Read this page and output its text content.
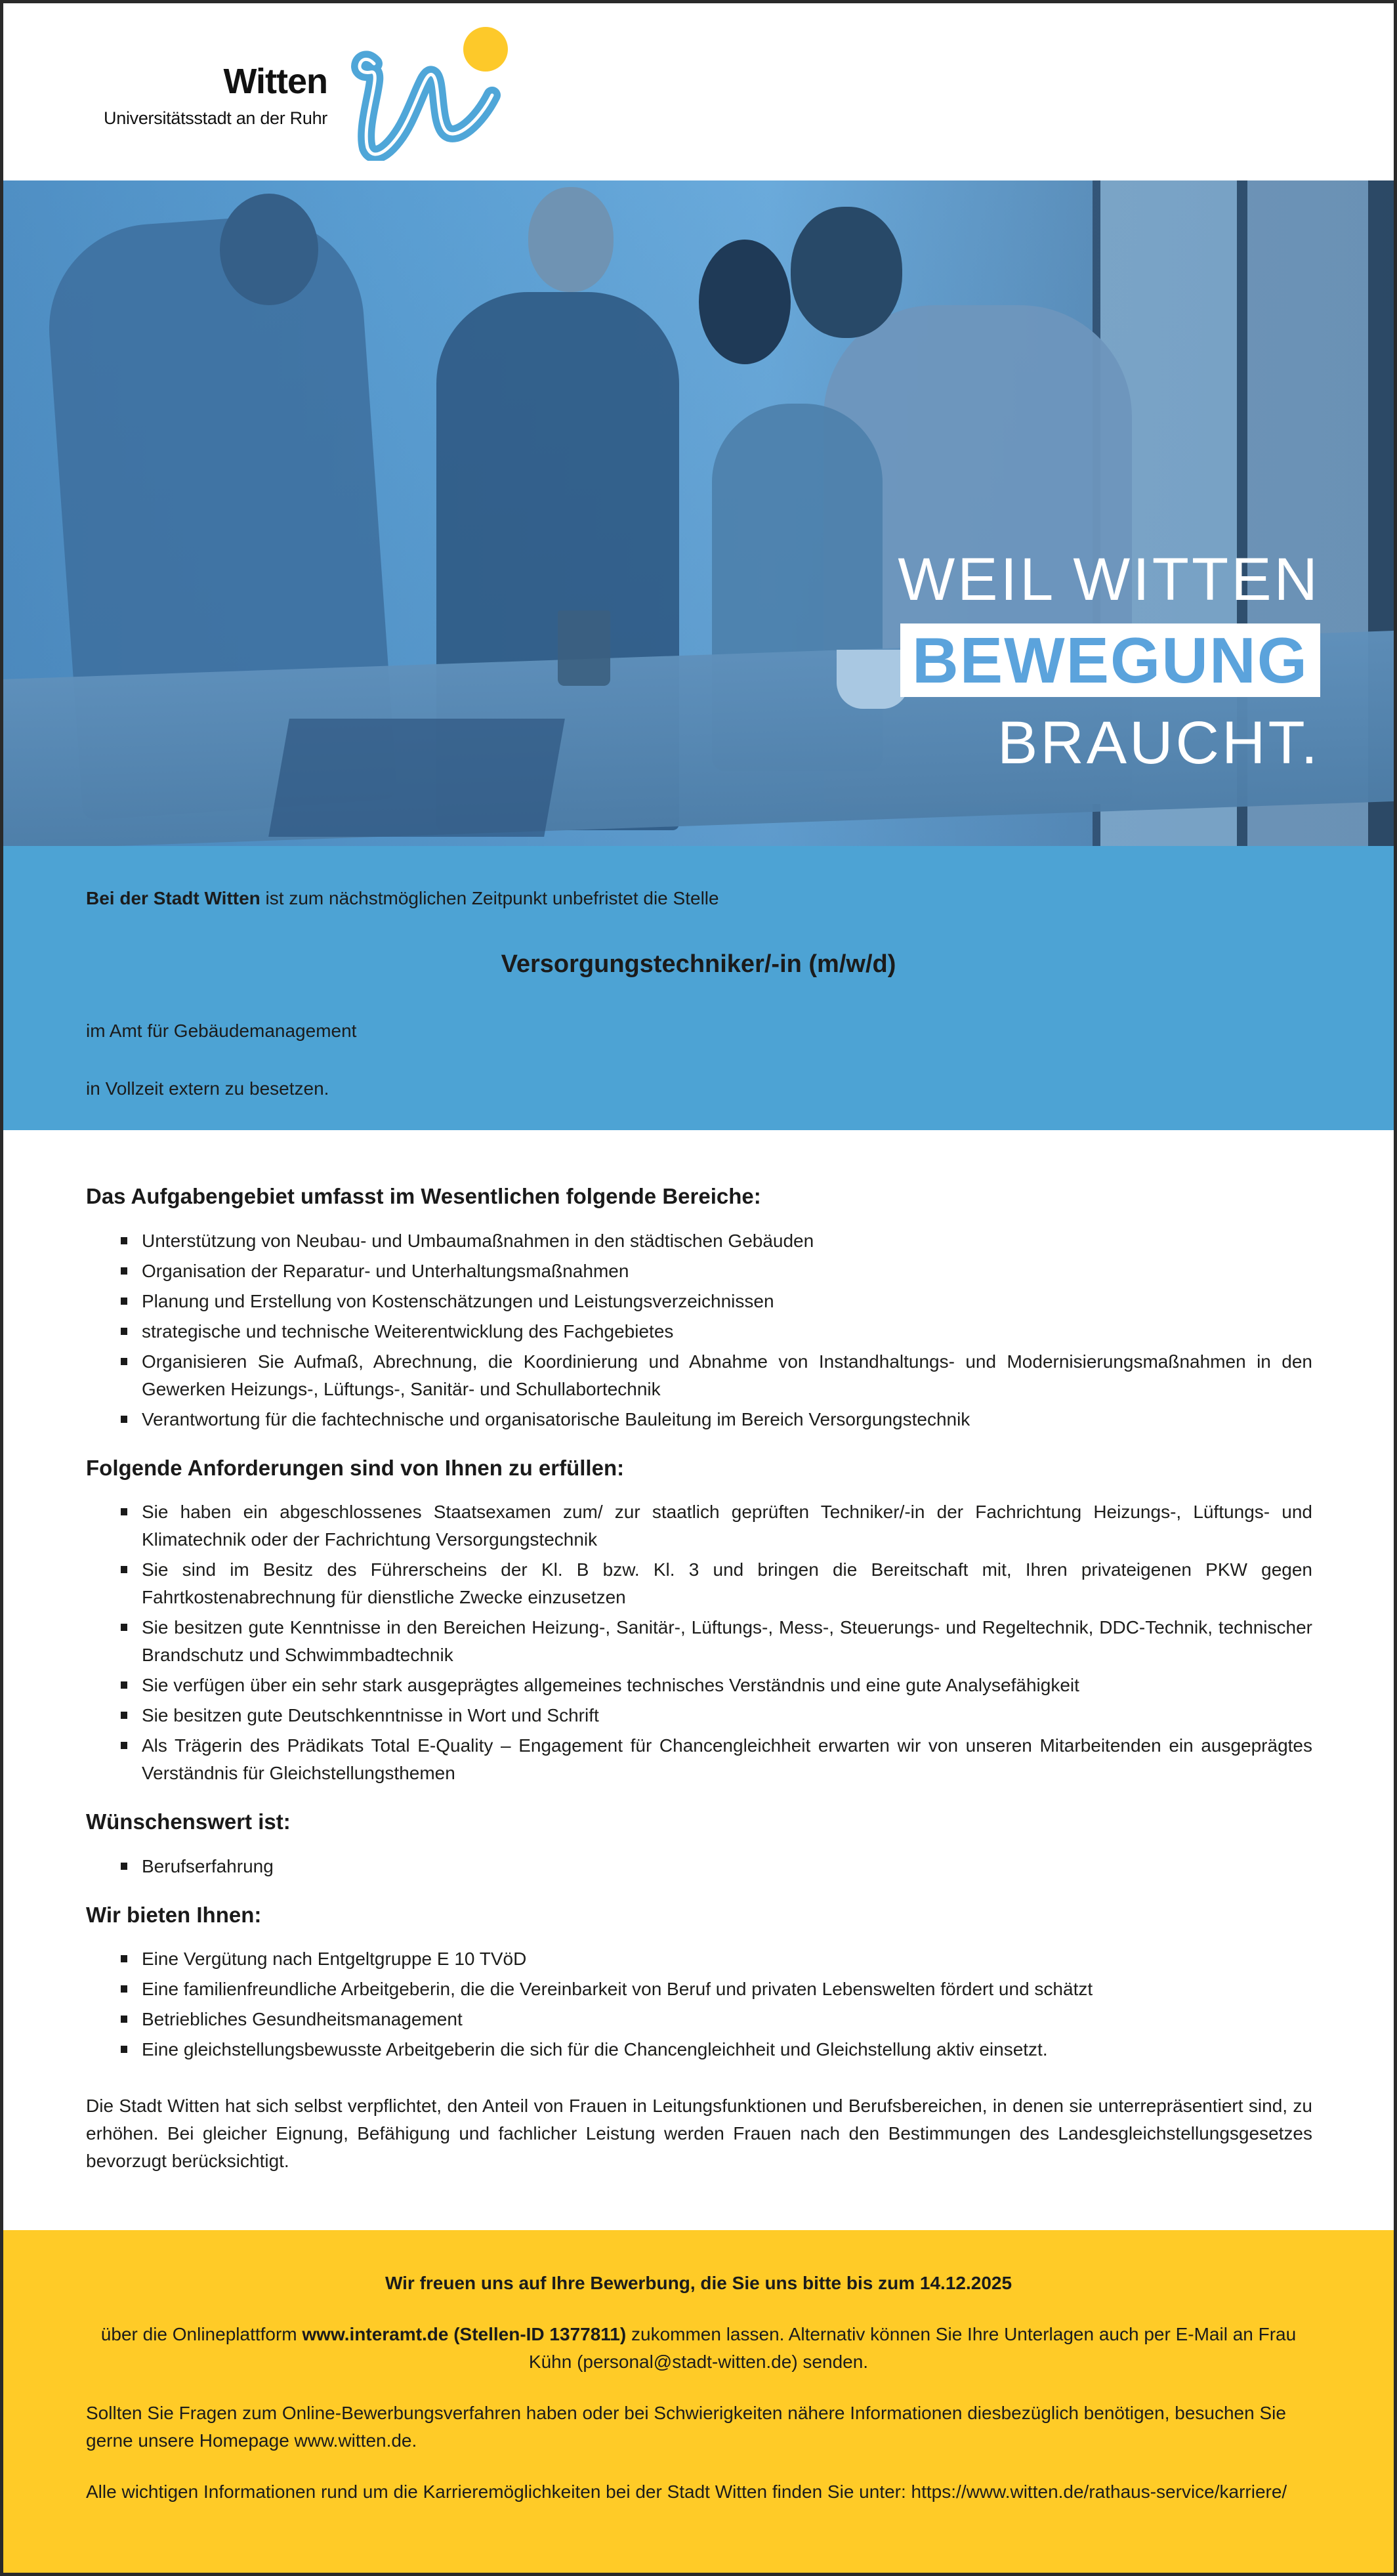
Witten
Universitätsstadt an der Ruhr
WEIL WITTEN
BEWEGUNG
BRAUCHT.

Bei der Stadt Witten ist zum nächstmöglichen Zeitpunkt unbefristet die Stelle

Versorgungstechniker/-in (m/w/d)

im Amt für Gebäudemanagement

in Vollzeit extern zu besetzen.

Das Aufgabengebiet umfasst im Wesentlichen folgende Bereiche:
Unterstützung von Neubau- und Umbaumaßnahmen in den städtischen Gebäuden
Organisation der Reparatur- und Unterhaltungsmaßnahmen
Planung und Erstellung von Kostenschätzungen und Leistungsverzeichnissen
strategische und technische Weiterentwicklung des Fachgebietes
Organisieren Sie Aufmaß, Abrechnung, die Koordinierung und Abnahme von Instandhaltungs- und Modernisierungsmaßnahmen in den Gewerken Heizungs-, Lüftungs-, Sanitär- und Schullabortechnik
Verantwortung für die fachtechnische und organisatorische Bauleitung im Bereich Versorgungstechnik
Folgende Anforderungen sind von Ihnen zu erfüllen:
Sie haben ein abgeschlossenes Staatsexamen zum/ zur staatlich geprüften Techniker/-in der Fachrichtung Heizungs-, Lüftungs- und Klimatechnik oder der Fachrichtung Versorgungstechnik
Sie sind im Besitz des Führerscheins der Kl. B bzw. Kl. 3 und bringen die Bereitschaft mit, Ihren privateigenen PKW gegen Fahrtkostenabrechnung für dienstliche Zwecke einzusetzen
Sie besitzen gute Kenntnisse in den Bereichen Heizung-, Sanitär-, Lüftungs-, Mess-, Steuerungs- und Regeltechnik, DDC-Technik, technischer Brandschutz und Schwimmbadtechnik
Sie verfügen über ein sehr stark ausgeprägtes allgemeines technisches Verständnis und eine gute Analysefähigkeit
Sie besitzen gute Deutschkenntnisse in Wort und Schrift
Als Trägerin des Prädikats Total E-Quality – Engagement für Chancengleichheit erwarten wir von unseren Mitarbeitenden ein ausgeprägtes Verständnis für Gleichstellungsthemen
Wünschenswert ist:
Berufserfahrung
Wir bieten Ihnen:
Eine Vergütung nach Entgeltgruppe E 10 TVöD
Eine familienfreundliche Arbeitgeberin, die die Vereinbarkeit von Beruf und privaten Lebenswelten fördert und schätzt
Betriebliches Gesundheitsmanagement
Eine gleichstellungsbewusste Arbeitgeberin die sich für die Chancengleichheit und Gleichstellung aktiv einsetzt.

Die Stadt Witten hat sich selbst verpflichtet, den Anteil von Frauen in Leitungsfunktionen und Berufsbereichen, in denen sie unterrepräsentiert sind, zu erhöhen. Bei gleicher Eignung, Befähigung und fachlicher Leistung werden Frauen nach den Bestimmungen des Landesgleichstellungsgesetzes bevorzugt berücksichtigt.

Wir freuen uns auf Ihre Bewerbung, die Sie uns bitte bis zum 14.12.2025

über die Onlineplattform www.interamt.de (Stellen-ID 1377811) zukommen lassen. Alternativ können Sie Ihre Unterlagen auch per E-Mail an Frau Kühn (personal@stadt-witten.de) senden.

Sollten Sie Fragen zum Online-Bewerbungsverfahren haben oder bei Schwierigkeiten nähere Informationen diesbezüglich benötigen, besuchen Sie gerne unsere Homepage www.witten.de.

Alle wichtigen Informationen rund um die Karrieremöglichkeiten bei der Stadt Witten finden Sie unter: https://www.witten.de/rathaus-service/karriere/
